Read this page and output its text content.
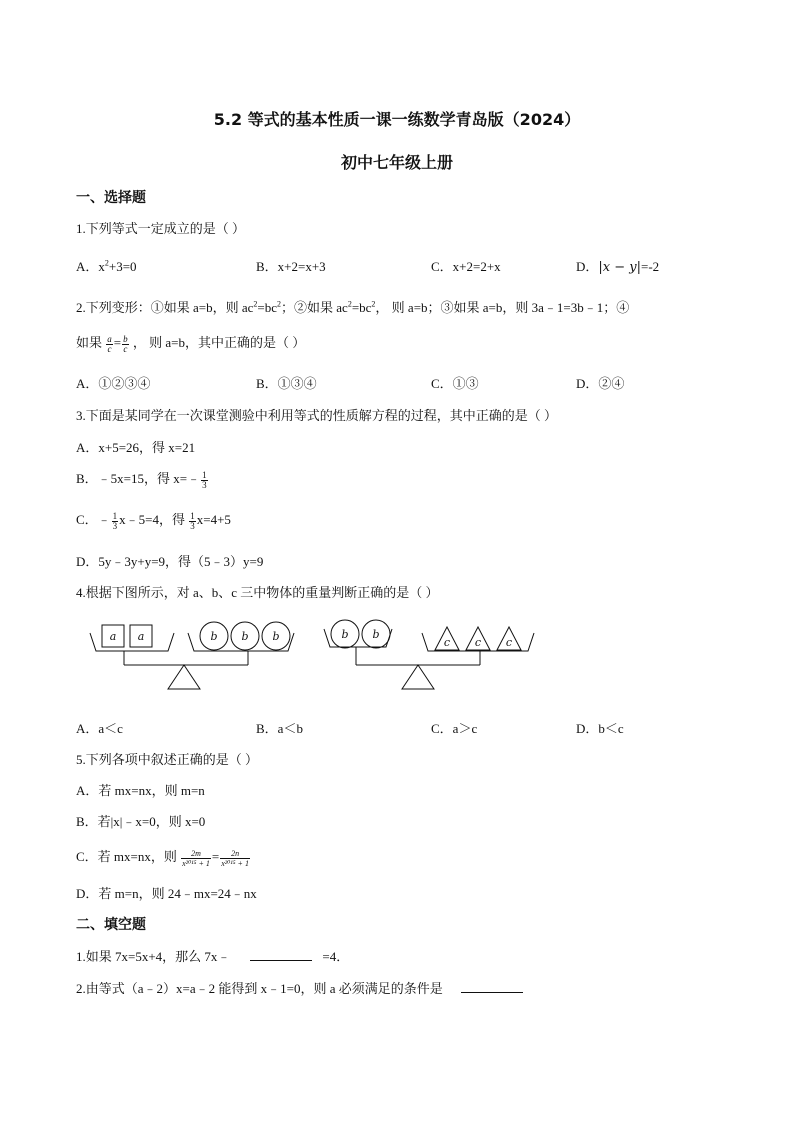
5.2 等式的基本性质一课一练数学青岛版（2024）
初中七年级上册
一、选择题
1.下列等式一定成立的是（ ）
A．$x^2+3=0$	B．x+2=x+3	C．x+2=2+x	D．|x − y|=-2
2.下列变形：①如果 a=b，则 $ac^2=bc^2$；②如果 $ac^2=bc^2$， 则 a=b；③如果 a=b，则 3a﹣1=3b﹣1；④
如果 $\frac{a}{c} = \frac{b}{c}$ ， 则 a=b，其中正确的是（ ）
A．①②③④	B．①③④	C．①③	D．②④
3.下面是某同学在一次课堂测验中利用等式的性质解方程的过程，其中正确的是（ ）
A．x+5=26，得 x=21
B．﹣5x=15，得 x=﹣ $\frac{1}{3}$
C．﹣ $\frac{1}{3}$ x﹣5=4，得 $\frac{1}{3} x=4+5$
D．5y﹣3y+y=9，得（5﹣3）y=9
4.根据下图所示，对 a、b、c 三中物体的重量判断正确的是（ ）
a a	b b b	b b
c c c
A．a＜c	B．a＜b	C．a＞c	D．b＜c
5.下列各项中叙述正确的是（ ）
A．若 mx=nx，则 m=n
B．若|x|﹣x=0，则 x=0
C．若 mx=nx，则 $\frac{2m}{\text{x²⁰¹⁵ + 1}} = \frac{2n}{\text{x²⁰¹⁵ + 1}}$
D．若 m=n，则 24﹣mx=24﹣nx
二、填空题
1.如果 7x=5x+4，那么 7x﹣	=4．
2.由等式（a﹣2）x=a﹣2 能得到 x﹣1=0，则 a 必须满足的条件是
